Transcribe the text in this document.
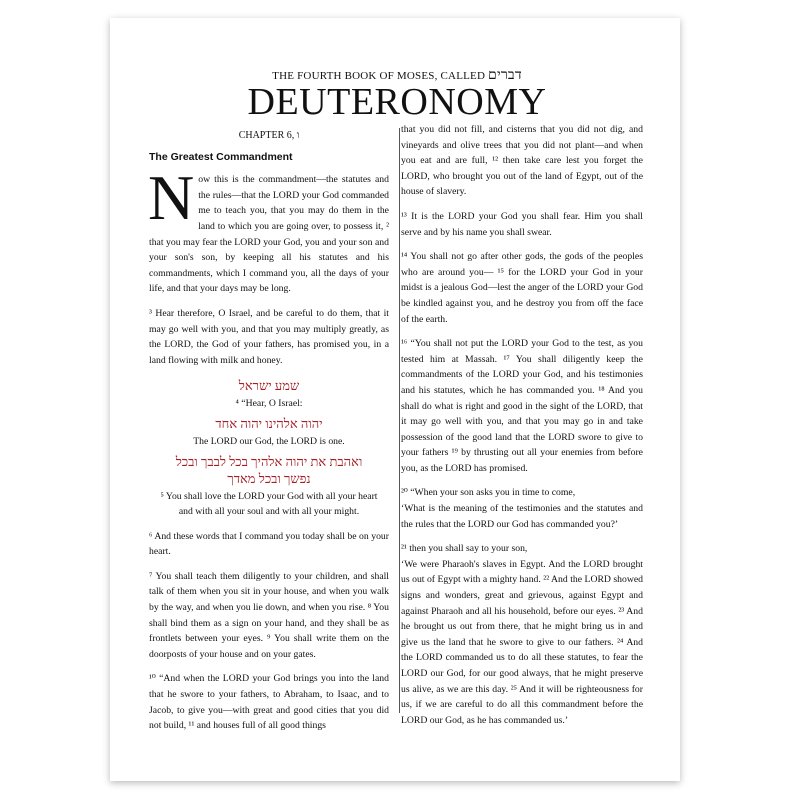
THE FOURTH BOOK OF MOSES, CALLED דברים
DEUTERONOMY
CHAPTER 6, ו
The Greatest Commandment

Now this is the commandment—the statutes and the rules—that the LORD your God commanded me to teach you, that you may do them in the land to which you are going over, to possess it, ² that you may fear the LORD your God, you and your son and your son's son, by keeping all his statutes and his commandments, which I command you, all the days of your life, and that your days may be long.

³ Hear therefore, O Israel, and be careful to do them, that it may go well with you, and that you may multiply greatly, as the LORD, the God of your fathers, has promised you, in a land flowing with milk and honey.

שמע ישראל
⁴ “Hear, O Israel:
יהוה אלהינו יהוה אחד
The LORD our God, the LORD is one.
ואהבת את יהוה אלהיך בכל לבבך ובכל
נפשך ובכל מאדך
⁵ You shall love the LORD your God with all your heart
and with all your soul and with all your might.

⁶ And these words that I command you today shall be on your heart.

⁷ You shall teach them diligently to your children, and shall talk of them when you sit in your house, and when you walk by the way, and when you lie down, and when you rise. ⁸ You shall bind them as a sign on your hand, and they shall be as frontlets between your eyes. ⁹ You shall write them on the doorposts of your house and on your gates.

¹⁰ “And when the LORD your God brings you into the land that he swore to your fathers, to Abraham, to Isaac, and to Jacob, to give you—with great and good cities that you did not build, ¹¹ and houses full of all good things

that you did not fill, and cisterns that you did not dig, and vineyards and olive trees that you did not plant—and when you eat and are full, ¹² then take care lest you forget the LORD, who brought you out of the land of Egypt, out of the house of slavery.

¹³ It is the LORD your God you shall fear. Him you shall serve and by his name you shall swear.

¹⁴ You shall not go after other gods, the gods of the peoples who are around you— ¹⁵ for the LORD your God in your midst is a jealous God—lest the anger of the LORD your God be kindled against you, and he destroy you from off the face of the earth.

¹⁶ “You shall not put the LORD your God to the test, as you tested him at Massah. ¹⁷ You shall diligently keep the commandments of the LORD your God, and his testimonies and his statutes, which he has commanded you. ¹⁸ And you shall do what is right and good in the sight of the LORD, that it may go well with you, and that you may go in and take possession of the good land that the LORD swore to give to your fathers ¹⁹ by thrusting out all your enemies from before you, as the LORD has promised.

²⁰ “When your son asks you in time to come,

‘What is the meaning of the testimonies and the statutes and the rules that the LORD our God has commanded you?’

²¹ then you shall say to your son,

‘We were Pharaoh's slaves in Egypt. And the LORD brought us out of Egypt with a mighty hand. ²² And the LORD showed signs and wonders, great and grievous, against Egypt and against Pharaoh and all his household, before our eyes. ²³ And he brought us out from there, that he might bring us in and give us the land that he swore to give to our fathers. ²⁴ And the LORD commanded us to do all these statutes, to fear the LORD our God, for our good always, that he might preserve us alive, as we are this day. ²⁵ And it will be righteousness for us, if we are careful to do all this commandment before the LORD our God, as he has commanded us.’
